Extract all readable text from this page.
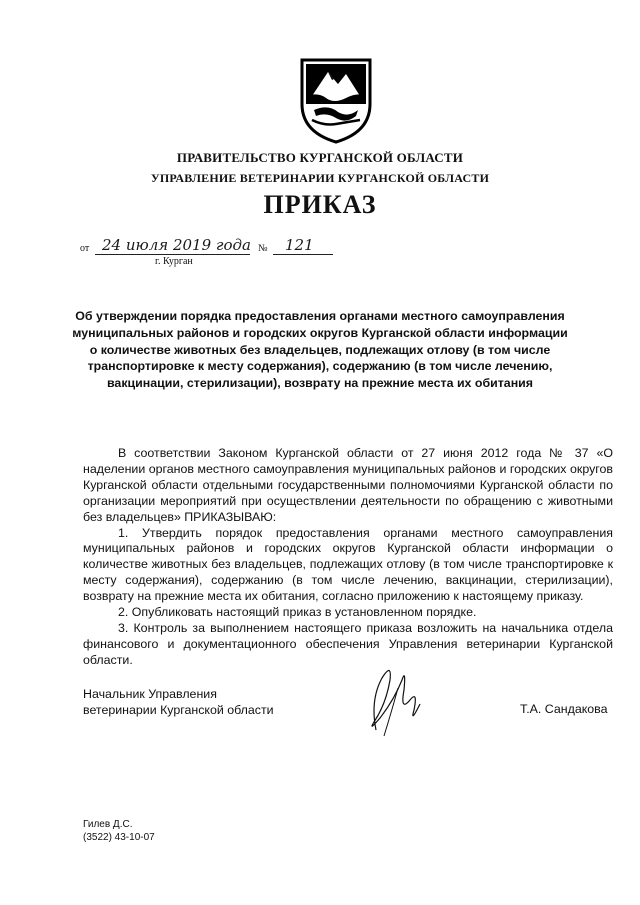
ПРАВИТЕЛЬСТВО КУРГАНСКОЙ ОБЛАСТИ
УПРАВЛЕНИЕ ВЕТЕРИНАРИИ КУРГАНСКОЙ ОБЛАСТИ
ПРИКАЗ
от 24 июля 2019 года № 121
г. Курган
Об утверждении порядка предоставления органами местного самоуправления муниципальных районов и городских округов Курганской области информации о количестве животных без владельцев, подлежащих отлову (в том числе транспортировке к месту содержания), содержанию (в том числе лечению, вакцинации, стерилизации), возврату на прежние места их обитания

В соответствии Законом Курганской области от 27 июня 2012 года № 37 «О наделении органов местного самоуправления муниципальных районов и городских округов Курганской области отдельными государственными полномочиями Курганской области по организации мероприятий при осуществлении деятельности по обращению с животными без владельцев» ПРИКАЗЫВАЮ:

1. Утвердить порядок предоставления органами местного самоуправления муниципальных районов и городских округов Курганской области информации о количестве животных без владельцев, подлежащих отлову (в том числе транспортировке к месту содержания), содержанию (в том числе лечению, вакцинации, стерилизации), возврату на прежние места их обитания, согласно приложению к настоящему приказу.

2. Опубликовать настоящий приказ в установленном порядке.

3. Контроль за выполнением настоящего приказа возложить на начальника отдела финансового и документационного обеспечения Управления ветеринарии Курганской области.

Начальник Управления
ветеринарии Курганской области	Т.А. Сандакова
Гилев Д.С.
(3522) 43-10-07
